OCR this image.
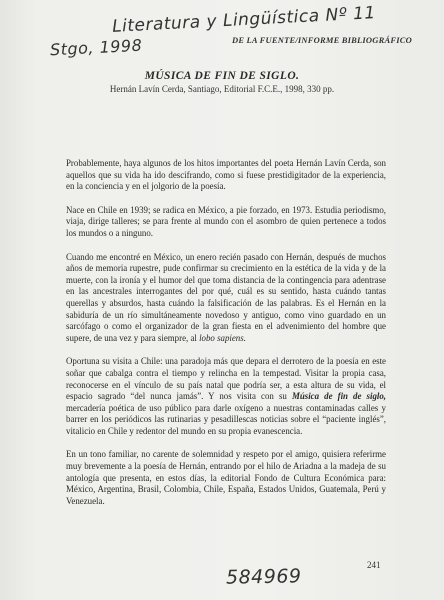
Literatura y Lingüística Nº 11
Stgo, 1998	DE LA FUENTE/INFORME BIBLIOGRÁFICO
MÚSICA DE FIN DE SIGLO.
Hernán Lavín Cerda, Santiago, Editorial F.C.E., 1998, 330 pp.

Probablemente, haya algunos de los hitos importantes del poeta Hernán Lavín Cerda, son aquellos que su vida ha ido descifrando, como si fuese prestidigitador de la experiencia, en la conciencia y en el jolgorio de la poesía.

Nace en Chile en 1939; se radica en México, a pie forzado, en 1973. Estudia periodismo, viaja, dirige talleres; se para frente al mundo con el asombro de quien pertenece a todos los mundos o a ninguno.

Cuando me encontré en México, un enero recién pasado con Hernán, después de muchos años de memoria rupestre, pude confirmar su crecimiento en la estética de la vida y de la muerte, con la ironía y el humor del que toma distancia de la contingencia para adentrase en las ancestrales interrogantes del por qué, cuál es su sentido, hasta cuándo tantas querellas y absurdos, hasta cuándo la falsificación de las palabras. Es el Hernán en la sabiduría de un río simultáneamente novedoso y antiguo, como vino guardado en un sarcófago o como el organizador de la gran fiesta en el advenimiento del hombre que supere, de una vez y para siempre, al lobo sapiens.

Oportuna su visita a Chile: una paradoja más que depara el derrotero de la poesía en este soñar que cabalga contra el tiempo y relincha en la tempestad. Visitar la propia casa, reconocerse en el vínculo de su país natal que podría ser, a esta altura de su vida, el espacio sagrado “del nunca jamás”. Y nos visita con su Música de fin de siglo, mercadería poética de uso público para darle oxígeno a nuestras contaminadas calles y barrer en los periódicos las rutinarias y pesadillescas noticias sobre el “paciente inglés”, vitalicio en Chile y redentor del mundo en su propia evanescencia.

En un tono familiar, no carente de solemnidad y respeto por el amigo, quisiera referirme muy brevemente a la poesía de Hernán, entrando por el hilo de Ariadna a la madeja de su antología que presenta, en estos días, la editorial Fondo de Cultura Económica para: México, Argentina, Brasil, Colombia, Chile, España, Estados Unidos, Guatemala, Perú y Venezuela.

241
584969
